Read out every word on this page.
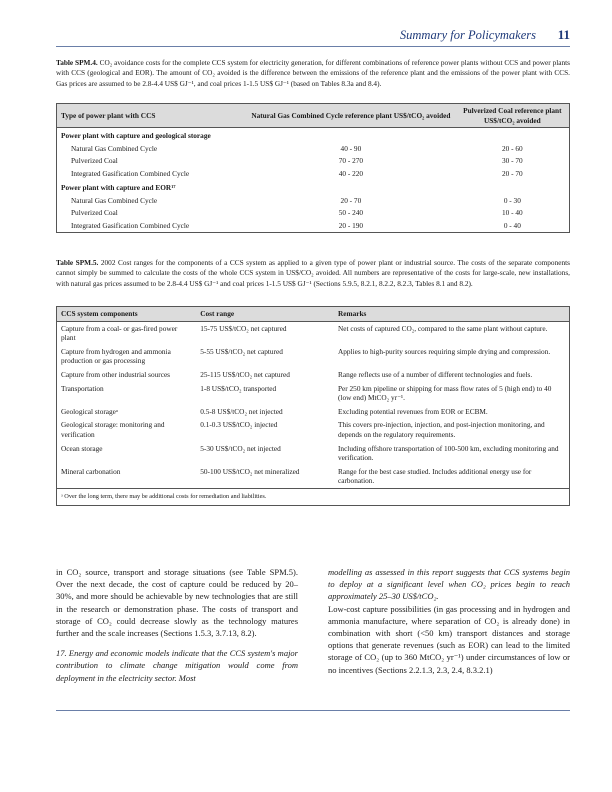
Summary for Policymakers 11
Table SPM.4. CO₂ avoidance costs for the complete CCS system for electricity generation, for different combinations of reference power plants without CCS and power plants with CCS (geological and EOR). The amount of CO₂ avoided is the difference between the emissions of the reference plant and the emissions of the power plant with CCS. Gas prices are assumed to be 2.8-4.4 US$ GJ⁻¹, and coal prices 1-1.5 US$ GJ⁻¹ (based on Tables 8.3a and 8.4).
Type of power plant with CCS	Natural Gas Combined Cycle reference plant US$/tCO₂ avoided	Pulverized Coal reference plant US$/tCO₂ avoided
Power plant with capture and geological storage		
Natural Gas Combined Cycle	40 - 90	20 - 60
Pulverized Coal	70 - 270	30 - 70
Integrated Gasification Combined Cycle	40 - 220	20 - 70
Power plant with capture and EOR¹⁷		
Natural Gas Combined Cycle	20 - 70	0 - 30
Pulverized Coal	50 - 240	10 - 40
Integrated Gasification Combined Cycle	20 - 190	0 - 40
Table SPM.5. 2002 Cost ranges for the components of a CCS system as applied to a given type of power plant or industrial source. The costs of the separate components cannot simply be summed to calculate the costs of the whole CCS system in US$/CO₂ avoided. All numbers are representative of the costs for large-scale, new installations, with natural gas prices assumed to be 2.8-4.4 US$ GJ⁻¹ and coal prices 1-1.5 US$ GJ⁻¹ (Sections 5.9.5, 8.2.1, 8.2.2, 8.2.3, Tables 8.1 and 8.2).
CCS system components	Cost range	Remarks
Capture from a coal- or gas-fired power plant	15-75 US$/tCO₂ net captured	Net costs of captured CO₂, compared to the same plant without capture.
Capture from hydrogen and ammonia production or gas processing	5-55 US$/tCO₂ net captured	Applies to high-purity sources requiring simple drying and compression.
Capture from other industrial sources	25-115 US$/tCO₂ net captured	Range reflects use of a number of different technologies and fuels.
Transportation	1-8 US$/tCO₂ transported	Per 250 km pipeline or shipping for mass flow rates of 5 (high end) to 40 (low end) MtCO₂ yr⁻¹.
Geological storageᵃ	0.5-8 US$/tCO₂ net injected	Excluding potential revenues from EOR or ECBM.
Geological storage: monitoring and verification	0.1-0.3 US$/tCO₂ injected	This covers pre-injection, injection, and post-injection monitoring, and depends on the regulatory requirements.
Ocean storage	5-30 US$/tCO₂ net injected	Including offshore transportation of 100-500 km, excluding monitoring and verification.
Mineral carbonation	50-100 US$/tCO₂ net mineralized	Range for the best case studied. Includes additional energy use for carbonation.
ᵃ Over the long term, there may be additional costs for remediation and liabilities.		

in CO₂ source, transport and storage situations (see Table SPM.5). Over the next decade, the cost of capture could be reduced by 20–30%, and more should be achievable by new technologies that are still in the research or demonstration phase. The costs of transport and storage of CO₂ could decrease slowly as the technology matures further and the scale increases (Sections 1.5.3, 3.7.13, 8.2).

17. Energy and economic models indicate that the CCS system's major contribution to climate change mitigation would come from deployment in the electricity sector. Most

modelling as assessed in this report suggests that CCS systems begin to deploy at a significant level when CO₂ prices begin to reach approximately 25–30 US$/tCO₂.

Low-cost capture possibilities (in gas processing and in hydrogen and ammonia manufacture, where separation of CO₂ is already done) in combination with short (<50 km) transport distances and storage options that generate revenues (such as EOR) can lead to the limited storage of CO₂ (up to 360 MtCO₂ yr⁻¹) under circumstances of low or no incentives (Sections 2.2.1.3, 2.3, 2.4, 8.3.2.1)
